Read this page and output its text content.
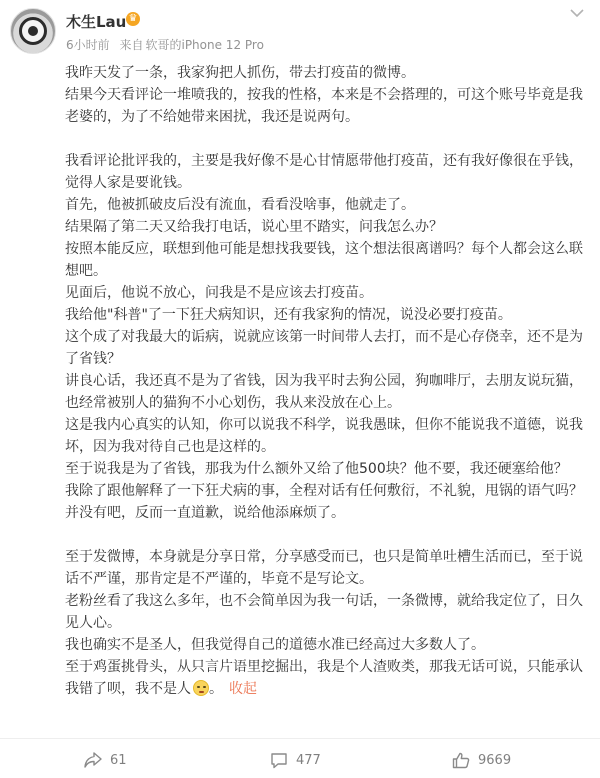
木生Lau ♛
6小时前 来自 软哥的iPhone 12 Pro

我昨天发了一条，我家狗把人抓伤，带去打疫苗的微博。

结果今天看评论一堆喷我的，按我的性格，本来是不会搭理的，可这个账号毕竟是我老婆的，为了不给她带来困扰，我还是说两句。

我看评论批评我的，主要是我好像不是心甘情愿带他打疫苗，还有我好像很在乎钱，觉得人家是要讹钱。

首先，他被抓破皮后没有流血，看看没啥事，他就走了。

结果隔了第二天又给我打电话，说心里不踏实，问我怎么办？

按照本能反应，联想到他可能是想找我要钱，这个想法很离谱吗？每个人都会这么联想吧。

见面后，他说不放心，问我是不是应该去打疫苗。

我给他"科普"了一下狂犬病知识，还有我家狗的情况，说没必要打疫苗。

这个成了对我最大的诟病，说就应该第一时间带人去打，而不是心存侥幸，还不是为了省钱？

讲良心话，我还真不是为了省钱，因为我平时去狗公园，狗咖啡厅，去朋友说玩猫，也经常被别人的猫狗不小心划伤，我从来没放在心上。

这是我内心真实的认知，你可以说我不科学，说我愚昧，但你不能说我不道德，说我坏，因为我对待自己也是这样的。

至于说我是为了省钱，那我为什么额外又给了他500块？他不要，我还硬塞给他？

我除了跟他解释了一下狂犬病的事，全程对话有任何敷衍，不礼貌，甩锅的语气吗？

并没有吧，反而一直道歉，说给他添麻烦了。

至于发微博，本身就是分享日常，分享感受而已，也只是简单吐槽生活而已，至于说话不严谨，那肯定是不严谨的，毕竟不是写论文。

老粉丝看了我这么多年，也不会简单因为我一句话，一条微博，就给我定位了，日久见人心。

我也确实不是圣人，但我觉得自己的道德水准已经高过大多数人了。

至于鸡蛋挑骨头，从只言片语里挖掘出，我是个人渣败类，那我无话可说，只能承认我错了呗，我不是人 。 收起

61	477	9669
